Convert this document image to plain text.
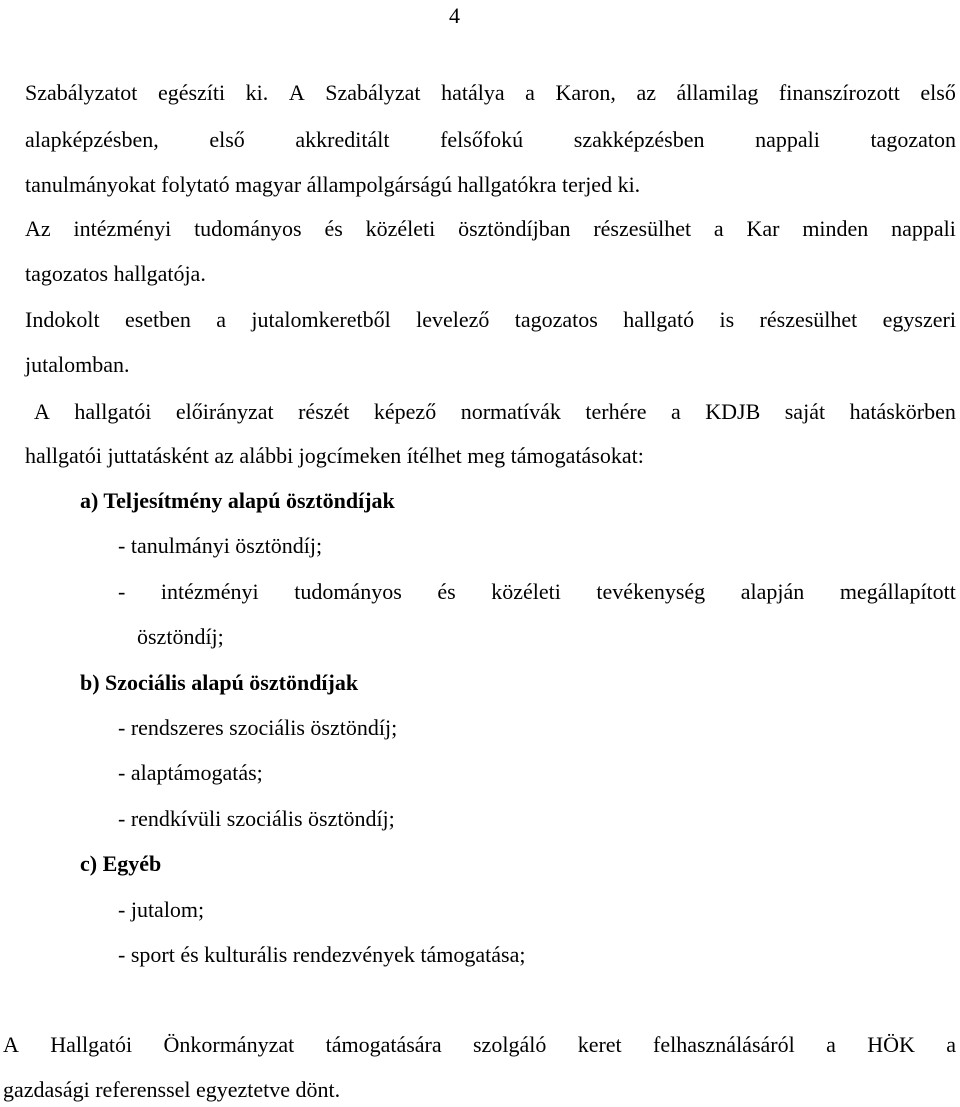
4
Szabályzatot egészíti ki. A Szabályzat hatálya a Karon, az államilag finanszírozott első
alapképzésben, első akkreditált felsőfokú szakképzésben nappali tagozaton
tanulmányokat folytató magyar állampolgárságú hallgatókra terjed ki.
Az intézményi tudományos és közéleti ösztöndíjban részesülhet a Kar minden nappali
tagozatos hallgatója.
Indokolt esetben a jutalomkeretből levelező tagozatos hallgató is részesülhet egyszeri
jutalomban.
A hallgatói előirányzat részét képező normatívák terhére a KDJB saját hatáskörben
hallgatói juttatásként az alábbi jogcímeken ítélhet meg támogatásokat:
a) Teljesítmény alapú ösztöndíjak
- tanulmányi ösztöndíj;
- intézményi tudományos és közéleti tevékenység alapján megállapított
ösztöndíj;
b) Szociális alapú ösztöndíjak
- rendszeres szociális ösztöndíj;
- alaptámogatás;
- rendkívüli szociális ösztöndíj;
c) Egyéb
- jutalom;
- sport és kulturális rendezvények támogatása;
A Hallgatói Önkormányzat támogatására szolgáló keret felhasználásáról a HÖK a
gazdasági referenssel egyeztetve dönt.
